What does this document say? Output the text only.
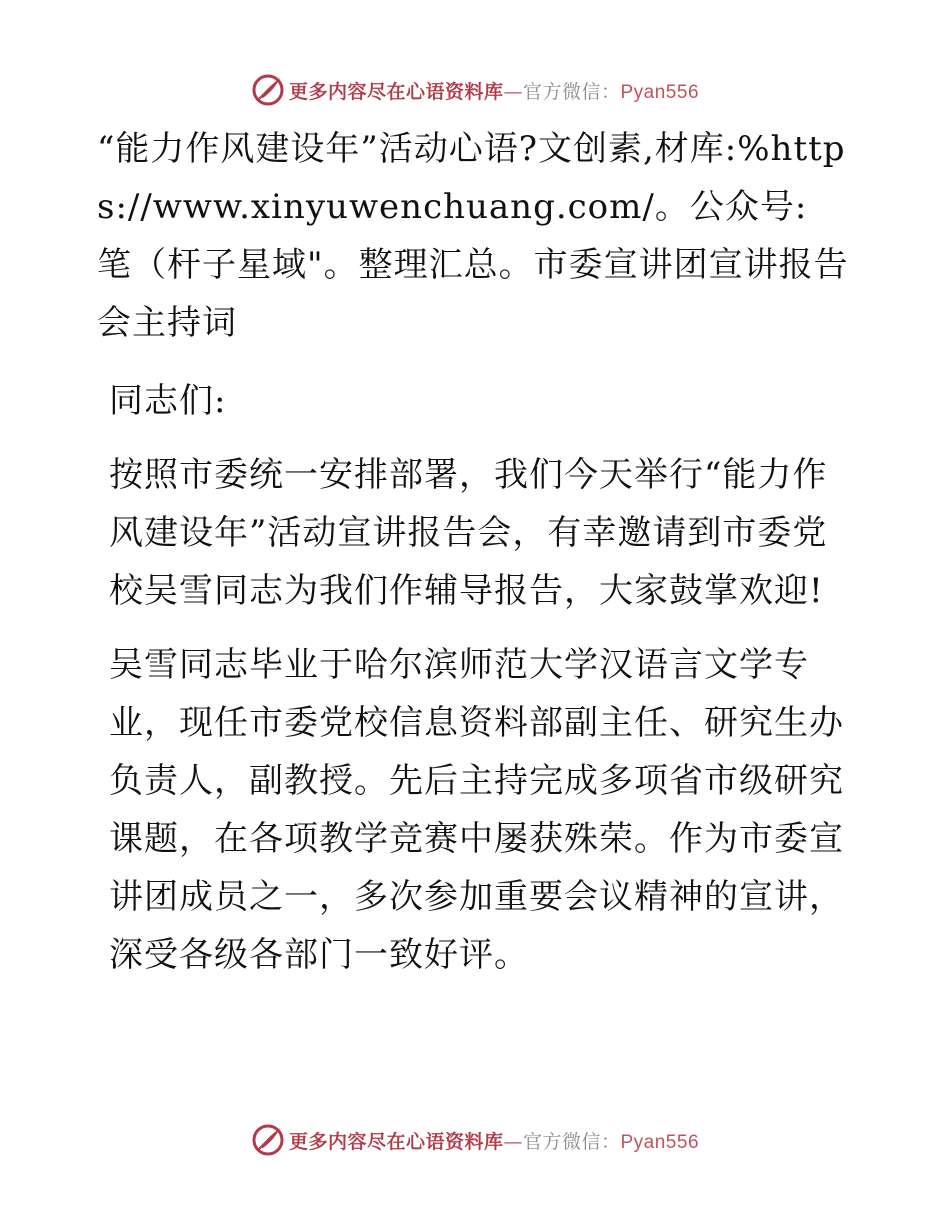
更多内容尽在心语资料库—官方微信：Pyan556

“能力作风建设年”活动心语?文创素,材库:%https://www.xinyuwenchuang.com/。公众号: 笔（杆子星域"。整理汇总。市委宣讲团宣讲报告会主持词

同志们:

按照市委统一安排部署，我们今天举行“能力作风建设年”活动宣讲报告会，有幸邀请到市委党校吴雪同志为我们作辅导报告，大家鼓掌欢迎!

吴雪同志毕业于哈尔滨师范大学汉语言文学专业，现任市委党校信息资料部副主任、研究生办负责人，副教授。先后主持完成多项省市级研究课题，在各项教学竞赛中屡获殊荣。作为市委宣讲团成员之一，多次参加重要会议精神的宣讲，深受各级各部门一致好评。

更多内容尽在心语资料库—官方微信：Pyan556
